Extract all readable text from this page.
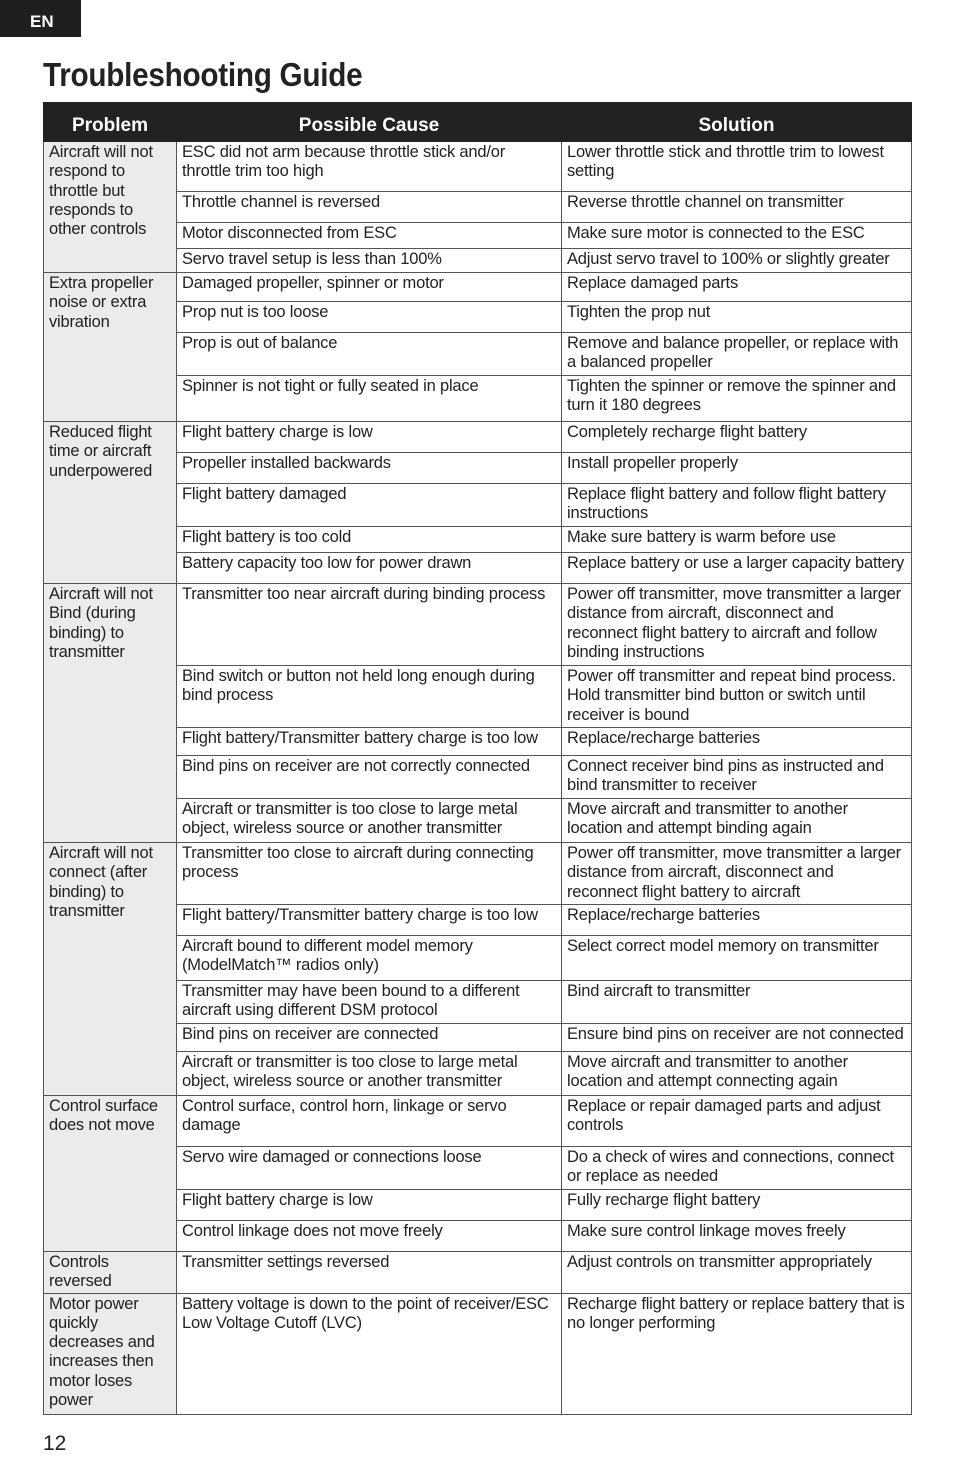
EN
Troubleshooting Guide
Problem	Possible Cause	Solution
Aircraft will not respond to throttle but responds to other controls	ESC did not arm because throttle stick and/or throttle trim too high	Lower throttle stick and throttle trim to lowest setting
	Throttle channel is reversed	Reverse throttle channel on transmitter
	Motor disconnected from ESC	Make sure motor is connected to the ESC
	Servo travel setup is less than 100%	Adjust servo travel to 100% or slightly greater
Extra propeller noise or extra vibration	Damaged propeller, spinner or motor	Replace damaged parts
	Prop nut is too loose	Tighten the prop nut
	Prop is out of balance	Remove and balance propeller, or replace with a balanced propeller
	Spinner is not tight or fully seated in place	Tighten the spinner or remove the spinner and turn it 180 degrees
Reduced flight time or aircraft underpowered	Flight battery charge is low	Completely recharge flight battery
	Propeller installed backwards	Install propeller properly
	Flight battery damaged	Replace flight battery and follow flight battery instructions
	Flight battery is too cold	Make sure battery is warm before use
	Battery capacity too low for power drawn	Replace battery or use a larger capacity battery
Aircraft will not Bind (during binding) to transmitter	Transmitter too near aircraft during binding process	Power off transmitter, move transmitter a larger distance from aircraft, disconnect and reconnect flight battery to aircraft and follow binding instructions
	Bind switch or button not held long enough during bind process	Power off transmitter and repeat bind process. Hold transmitter bind button or switch until receiver is bound
	Flight battery/Transmitter battery charge is too low	Replace/recharge batteries
	Bind pins on receiver are not correctly connected	Connect receiver bind pins as instructed and bind transmitter to receiver
	Aircraft or transmitter is too close to large metal object, wireless source or another transmitter	Move aircraft and transmitter to another location and attempt binding again
Aircraft will not connect (after binding) to transmitter	Transmitter too close to aircraft during connecting process	Power off transmitter, move transmitter a larger distance from aircraft, disconnect and reconnect flight battery to aircraft
	Flight battery/Transmitter battery charge is too low	Replace/recharge batteries
	Aircraft bound to different model memory (ModelMatch™ radios only)	Select correct model memory on transmitter
	Transmitter may have been bound to a different aircraft using different DSM protocol	Bind aircraft to transmitter
	Bind pins on receiver are connected	Ensure bind pins on receiver are not connected
	Aircraft or transmitter is too close to large metal object, wireless source or another transmitter	Move aircraft and transmitter to another location and attempt connecting again
Control surface does not move	Control surface, control horn, linkage or servo damage	Replace or repair damaged parts and adjust controls
	Servo wire damaged or connections loose	Do a check of wires and connections, connect or replace as needed
	Flight battery charge is low	Fully recharge flight battery
	Control linkage does not move freely	Make sure control linkage moves freely
Controls reversed	Transmitter settings reversed	Adjust controls on transmitter appropriately
Motor power quickly decreases and increases then motor loses power	Battery voltage is down to the point of receiver/ESC Low Voltage Cutoff (LVC)	Recharge flight battery or replace battery that is no longer performing
12
